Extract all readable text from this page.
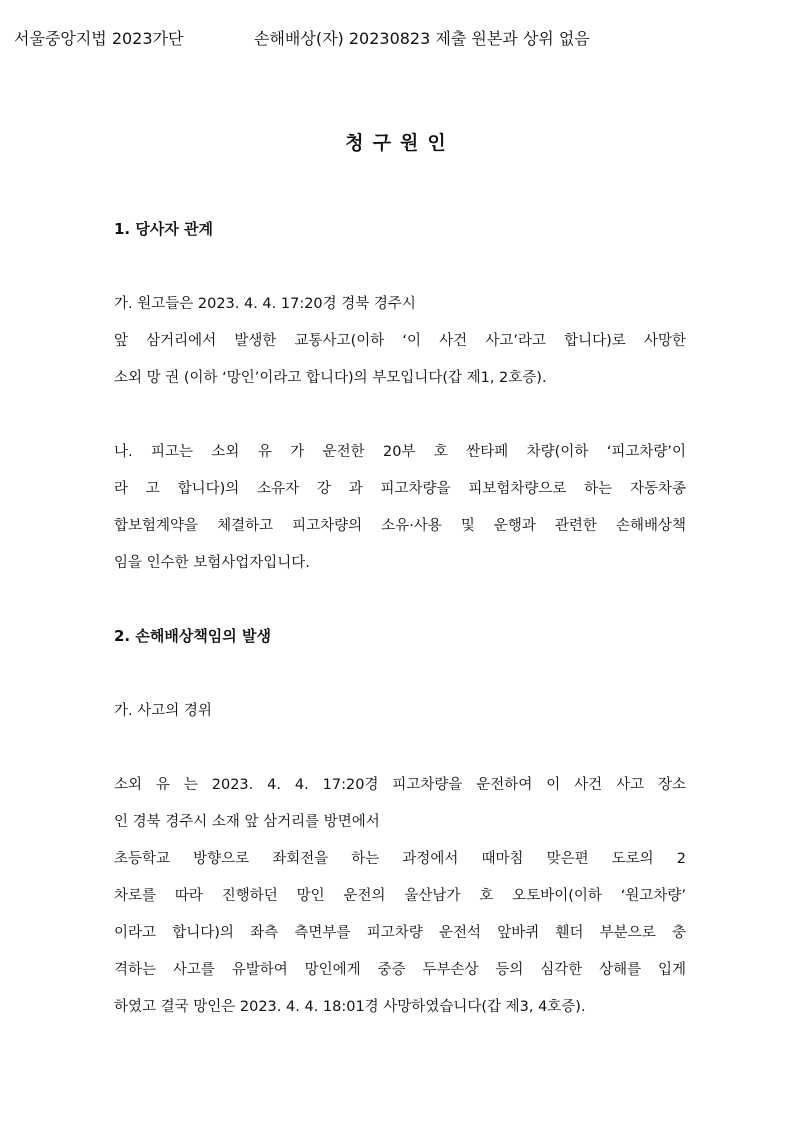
서울중앙지법 2023가단	손해배상(자) 20230823 제출 원본과 상위 없음
청구원인
1. 당사자 관계
가. 원고들은 2023. 4. 4. 17:20경 경북 경주시
앞 삼거리에서 발생한 교통사고(이하 ‘이 사건 사고’라고 합니다)로 사망한
소외 망 권 (이하 ‘망인’이라고 합니다)의 부모입니다(갑 제1, 2호증).
나. 피고는 소외 유 가 운전한 20부 호 싼타페 차량(이하 ‘피고차량’이
라 고 합니다)의 소유자 강 과 피고차량을 피보험차량으로 하는 자동차종
합보험계약을 체결하고 피고차량의 소유·사용 및 운행과 관련한 손해배상책
임을 인수한 보험사업자입니다.
2. 손해배상책임의 발생
가. 사고의 경위
소외 유 는 2023. 4. 4. 17:20경 피고차량을 운전하여 이 사건 사고 장소
인 경북 경주시 소재 앞 삼거리를 방면에서
초등학교 방향으로 좌회전을 하는 과정에서 때마침 맞은편 도로의 2
차로를 따라 진행하던 망인 운전의 울산남가 호 오토바이(이하 ‘원고차량’
이라고 합니다)의 좌측 측면부를 피고차량 운전석 앞바퀴 휀더 부분으로 충
격하는 사고를 유발하여 망인에게 중증 두부손상 등의 심각한 상해를 입게
하였고 결국 망인은 2023. 4. 4. 18:01경 사망하였습니다(갑 제3, 4호증).
